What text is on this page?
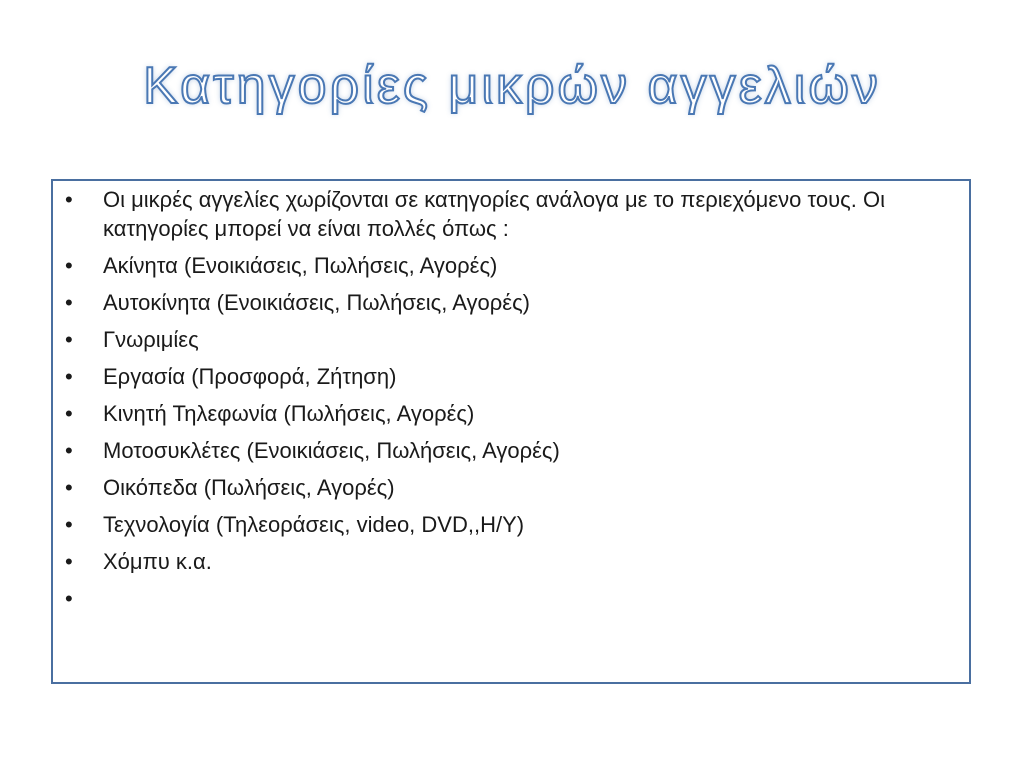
Κατηγορίες μικρών αγγελιών
• Οι μικρές αγγελίες χωρίζονται σε κατηγορίες ανάλογα με το περιεχόμενο τους. Οι κατηγορίες μπορεί να είναι πολλές όπως :
• Ακίνητα (Ενοικιάσεις, Πωλήσεις, Αγορές)
• Αυτοκίνητα (Ενοικιάσεις, Πωλήσεις, Αγορές)
• Γνωριμίες
• Εργασία (Προσφορά, Ζήτηση)
• Κινητή Τηλεφωνία (Πωλήσεις, Αγορές)
• Μοτοσυκλέτες (Ενοικιάσεις, Πωλήσεις, Αγορές)
• Οικόπεδα (Πωλήσεις, Αγορές)
• Τεχνολογία (Τηλεοράσεις, video, DVD,,H/Y)
• Χόμπυ κ.α.
•
